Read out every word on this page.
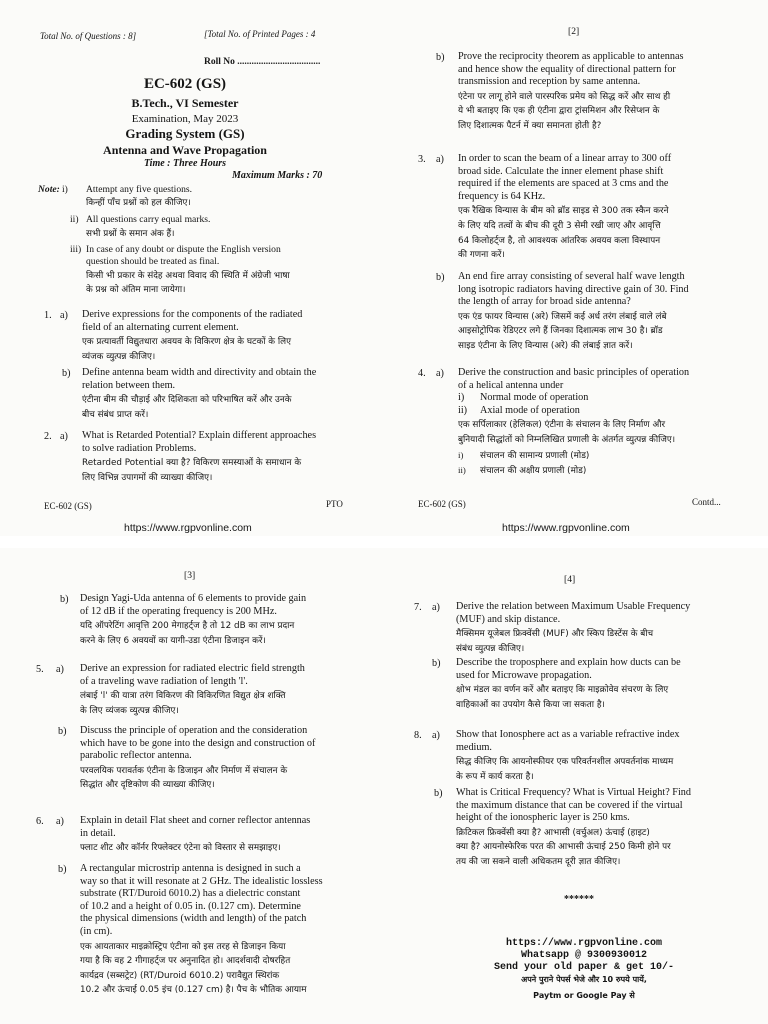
Total No. of Questions : 8]	[Total No. of Printed Pages : 4
Roll No ...................................
EC-602 (GS)
B.Tech., VI Semester
Examination, May 2023
Grading System (GS)
Antenna and Wave Propagation
Time : Three Hours
Maximum Marks : 70
Note: i) Attempt any five questions.
किन्हीं पाँच प्रश्नों को हल कीजिए।
ii) All questions carry equal marks.
सभी प्रश्नों के समान अंक हैं।
iii) In case of any doubt or dispute the English version
question should be treated as final.
किसी भी प्रकार के संदेह अथवा विवाद की स्थिति में अंग्रेजी भाषा
के प्रश्न को अंतिम माना जायेगा।
1. a) Derive expressions for the components of the radiated
field of an alternating current element.
एक प्रत्यावर्ती विद्युतधारा अवयव के विकिरण क्षेत्र के घटकों के लिए
व्यंजक व्युत्पन्न कीजिए।
b) Define antenna beam width and directivity and obtain the
relation between them.
एंटीना बीम की चौड़ाई और दिशिकता को परिभाषित करें और उनके
बीच संबंध प्राप्त करें।
2. a) What is Retarded Potential? Explain different approaches
to solve radiation Problems.
Retarded Potential क्या है? विकिरण समस्याओं के समाधान के
लिए विभिन्न उपागमों की व्याख्या कीजिए।
EC-602 (GS)	PTO
https://www.rgpvonline.com
[2]
b) Prove the reciprocity theorem as applicable to antennas
and hence show the equality of directional pattern for
transmission and reception by same antenna.
एंटेना पर लागू होने वाले पारस्परिक प्रमेय को सिद्ध करें और साथ ही
ये भी बताइए कि एक ही एंटीना द्वारा ट्रांसमिशन और रिसेप्शन के
लिए दिशात्मक पैटर्न में क्या समानता होती है?
3. a) In order to scan the beam of a linear array to 300 off
broad side. Calculate the inner element phase shift
required if the elements are spaced at 3 cms and the
frequency is 64 KHz.
एक रैखिक विन्यास के बीम को ब्रॉड साइड से 300 तक स्कैन करने
के लिए यदि तत्वों के बीच की दूरी 3 सेमी रखी जाए और आवृत्ति
64 किलोहर्ट्ज है, तो आवश्यक आंतरिक अवयव कला विस्थापन
की गणना करें।
b) An end fire array consisting of several half wave length
long isotropic radiators having directive gain of 30. Find
the length of array for broad side antenna?
एक एंड फायर विन्यास (अरे) जिसमें कई अर्ध तरंग लंबाई वाले लंबे
आइसोट्रोपिक रेडिएटर लगे हैं जिनका दिशात्मक लाभ 30 है। ब्रॉड
साइड एंटीना के लिए विन्यास (अरे) की लंबाई ज्ञात करें।
4. a) Derive the construction and basic principles of operation
of a helical antenna under
i) Normal mode of operation
ii) Axial mode of operation
एक सर्पिलाकार (हेलिकल) एंटीना के संचालन के लिए निर्माण और
बुनियादी सिद्धांतों को निम्नलिखित प्रणाली के अंतर्गत व्युत्पन्न कीजिए।
i) संचालन की सामान्य प्रणाली (मोड)
ii) संचालन की अक्षीय प्रणाली (मोड)
EC-602 (GS)	Contd...
https://www.rgpvonline.com
[3]
b) Design Yagi-Uda antenna of 6 elements to provide gain
of 12 dB if the operating frequency is 200 MHz.
यदि ऑपरेटिंग आवृत्ति 200 मेगाहर्ट्ज है तो 12 dB का लाभ प्रदान
करने के लिए 6 अवयवों का यागी-उडा एंटीना डिजाइन करें।
5. a) Derive an expression for radiated electric field strength
of a traveling wave radiation of length 'l'.
लंबाई 'l' की यात्रा तरंग विकिरण की विकिरणित विद्युत क्षेत्र शक्ति
के लिए व्यंजक व्युत्पन्न कीजिए।
b) Discuss the principle of operation and the consideration
which have to be gone into the design and construction of
parabolic reflector antenna.
परवलयिक परावर्तक एंटीना के डिजाइन और निर्माण में संचालन के
सिद्धांत और दृष्टिकोण की व्याख्या कीजिए।
6. a) Explain in detail Flat sheet and corner reflector antennas
in detail.
फ्लाट शीट और कॉर्नर रिफ्लेक्टर एंटेना को विस्तार से समझाइए।
b) A rectangular microstrip antenna is designed in such a
way so that it will resonate at 2 GHz. The idealistic lossless
substrate (RT/Duroid 6010.2) has a dielectric constant
of 10.2 and a height of 0.05 in. (0.127 cm). Determine
the physical dimensions (width and length) of the patch
(in cm).
एक आयताकार माइक्रोस्ट्रिप एंटीना को इस तरह से डिजाइन किया
गया है कि वह 2 गीगाहर्ट्ज पर अनुनादित हो। आदर्शवादी दोषरहित
कार्यद्रव (सब्सट्रेट) (RT/Duroid 6010.2) परावैद्युत स्थिरांक
10.2 और ऊंचाई 0.05 इंच (0.127 cm) है। पैच के भौतिक आयाम
[4]
7. a) Derive the relation between Maximum Usable Frequency
(MUF) and skip distance.
मैक्सिमम यूजेबल फ्रिक्वेंसी (MUF) और स्किप डिस्टेंस के बीच
संबंध व्युत्पन्न कीजिए।
b) Describe the troposphere and explain how ducts can be
used for Microwave propagation.
क्षोभ मंडल का वर्णन करें और बताइए कि माइक्रोवेव संचरण के लिए
वाहिकाओं का उपयोग कैसे किया जा सकता है।
8. a) Show that Ionosphere act as a variable refractive index
medium.
सिद्ध कीजिए कि आयनोस्फीयर एक परिवर्तनशील अपवर्तनांक माध्यम
के रूप में कार्य करता है।
b) What is Critical Frequency? What is Virtual Height? Find
the maximum distance that can be covered if the virtual
height of the ionospheric layer is 250 kms.
क्रिटिकल फ्रिक्वेंसी क्या है? आभासी (वर्चुअल) ऊंचाई (हाइट)
क्या है? आयनोस्फेरिक परत की आभासी ऊंचाई 250 किमी होने पर
तय की जा सकने वाली अधिकतम दूरी ज्ञात कीजिए।
******
https://www.rgpvonline.com
Whatsapp @ 9300930012
Send your old paper & get 10/-
अपने पुराने पेपर्स भेजे और 10 रुपये पायें,
Paytm or Google Pay से
